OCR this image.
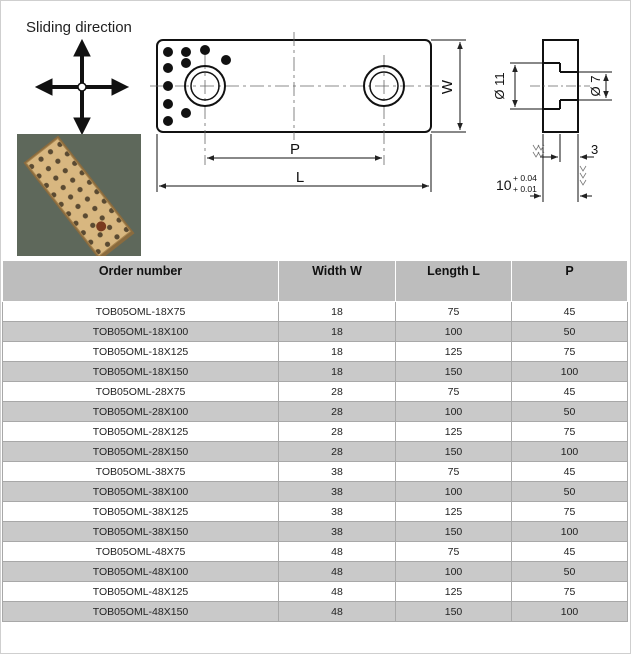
Sliding direction
W
P
L
Ø 11	Ø 7
3
10 + 0.04
+ 0.01
Order number	Width W	Length L	P
TOB05OML-18X75	18	75	45
TOB05OML-18X100	18	100	50
TOB05OML-18X125	18	125	75
TOB05OML-18X150	18	150	100
TOB05OML-28X75	28	75	45
TOB05OML-28X100	28	100	50
TOB05OML-28X125	28	125	75
TOB05OML-28X150	28	150	100
TOB05OML-38X75	38	75	45
TOB05OML-38X100	38	100	50
TOB05OML-38X125	38	125	75
TOB05OML-38X150	38	150	100
TOB05OML-48X75	48	75	45
TOB05OML-48X100	48	100	50
TOB05OML-48X125	48	125	75
TOB05OML-48X150	48	150	100
